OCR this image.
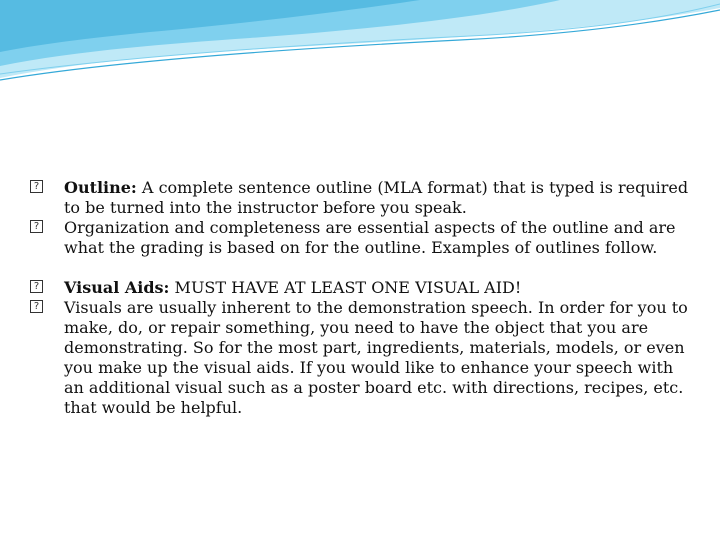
? Outline: A complete sentence outline (MLA format) that is typed is required to be turned into the instructor before you speak.

? Organization and completeness are essential aspects of the outline and are what the grading is based on for the outline. Examples of outlines follow.

? Visual Aids: MUST HAVE AT LEAST ONE VISUAL AID!

? Visuals are usually inherent to the demonstration speech. In order for you to make, do, or repair something, you need to have the object that you are demonstrating. So for the most part, ingredients, materials, models, or even you make up the visual aids. If you would like to enhance your speech with an additional visual such as a poster board etc. with directions, recipes, etc. that would be helpful.
